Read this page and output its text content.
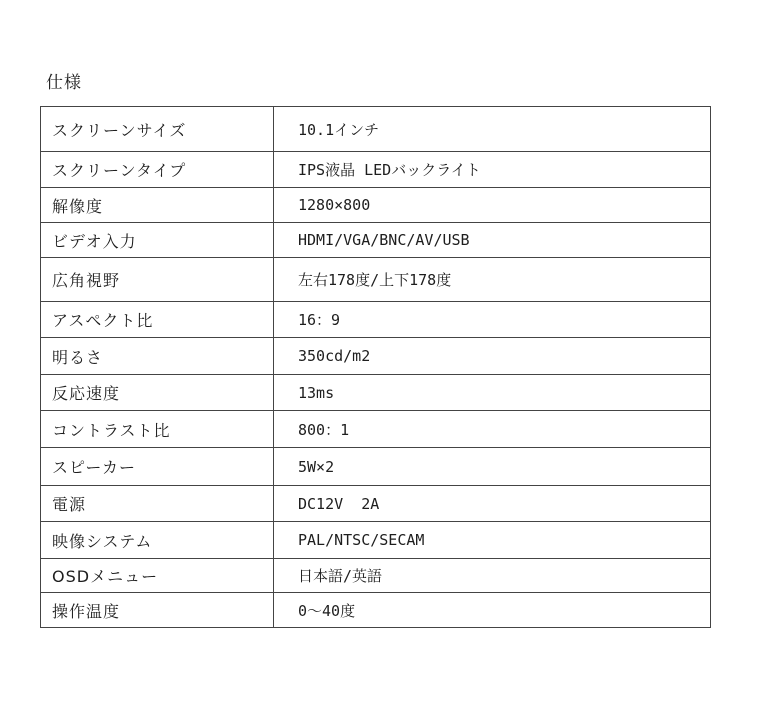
仕様
スクリーンサイズ	10.1インチ
スクリーンタイプ	IPS液晶 LEDバックライト
解像度	1280×800
ビデオ入力	HDMI/VGA/BNC/AV/USB
広角視野	左右178度/上下178度
アスペクト比	16：9
明るさ	350cd/m2
反応速度	13ms
コントラスト比	800：1
スピーカー	5W×2
電源	DC12V  2A
映像システム	PAL/NTSC/SECAM
OSDメニュー	日本語/英語
操作温度	0～40度
